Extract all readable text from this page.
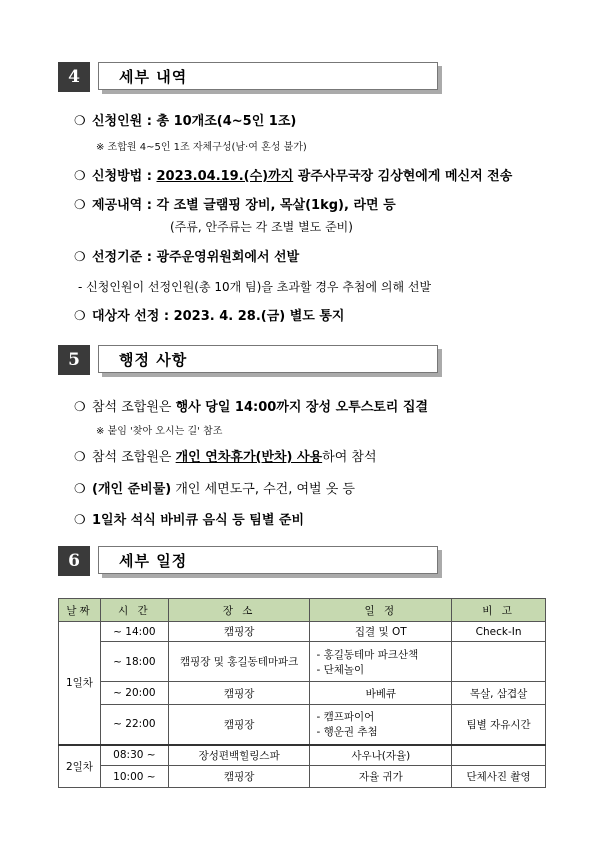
4	세부 내역
❍ 신청인원 : 총 10개조(4~5인 1조)
※ 조합원 4~5인 1조 자체구성(남·여 혼성 불가)
❍ 신청방법 : 2023.04.19.(수)까지 광주사무국장 김상현에게 메신저 전송
❍ 제공내역 : 각 조별 글램핑 장비, 목살(1kg), 라면 등
(주류, 안주류는 각 조별 별도 준비)
❍ 선정기준 : 광주운영위원회에서 선발
- 신청인원이 선정인원(총 10개 팀)을 초과할 경우 추첨에 의해 선발
❍ 대상자 선정 : 2023. 4. 28.(금) 별도 통지
5	행정 사항
❍ 참석 조합원은 행사 당일 14:00까지 장성 오투스토리 집결
※ 붙임 '찾아 오시는 길' 참조
❍ 참석 조합원은 개인 연차휴가(반차) 사용하여 참석
❍ (개인 준비물) 개인 세면도구, 수건, 여벌 옷 등
❍ 1일차 석식 바비큐 음식 등 팀별 준비
6	세부 일정
날짜	시 간	장 소	일 정	비 고
1일차	~ 14:00	캠핑장	집결 및 OT	Check-In
	~ 18:00	캠핑장 및 홍길동테마파크	- 홍길동테마 파크산책
- 단체놀이	

	~ 20:00	캠핑장	바베큐	목살, 삼겹살
	~ 22:00	캠핑장	- 캠프파이어
- 행운권 추첨	팀별 자유시간
2일차	08:30 ~	장성편백힐링스파	사우나(자율)	
	10:00 ~	캠핑장	자율 귀가	단체사진 촬영
